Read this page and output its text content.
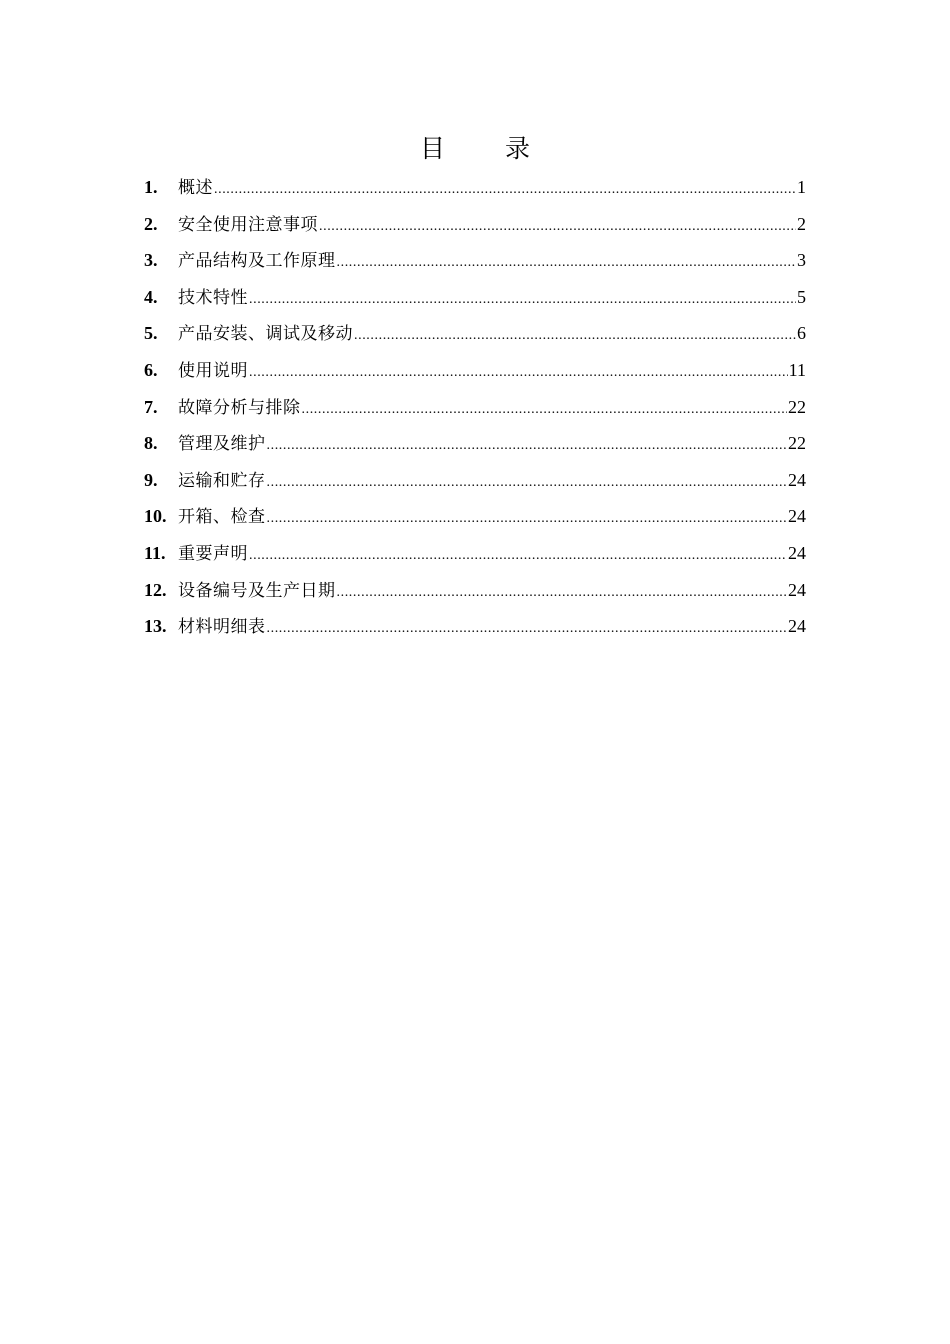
目 录
1.	概述 .....	1
2.	安全使用注意事项 .....	2
3.	产品结构及工作原理 .....	3
4.	技术特性 .....	5
5.	产品安装、调试及移动 .....	6
6.	使用说明 .....	11
7.	故障分析与排除 .....	22
8.	管理及维护 .....	22
9.	运输和贮存 .....	24
10. 开箱、检查 .....	24
11. 重要声明 .....	24
12. 设备编号及生产日期 .....	24
13. 材料明细表 .....	24
